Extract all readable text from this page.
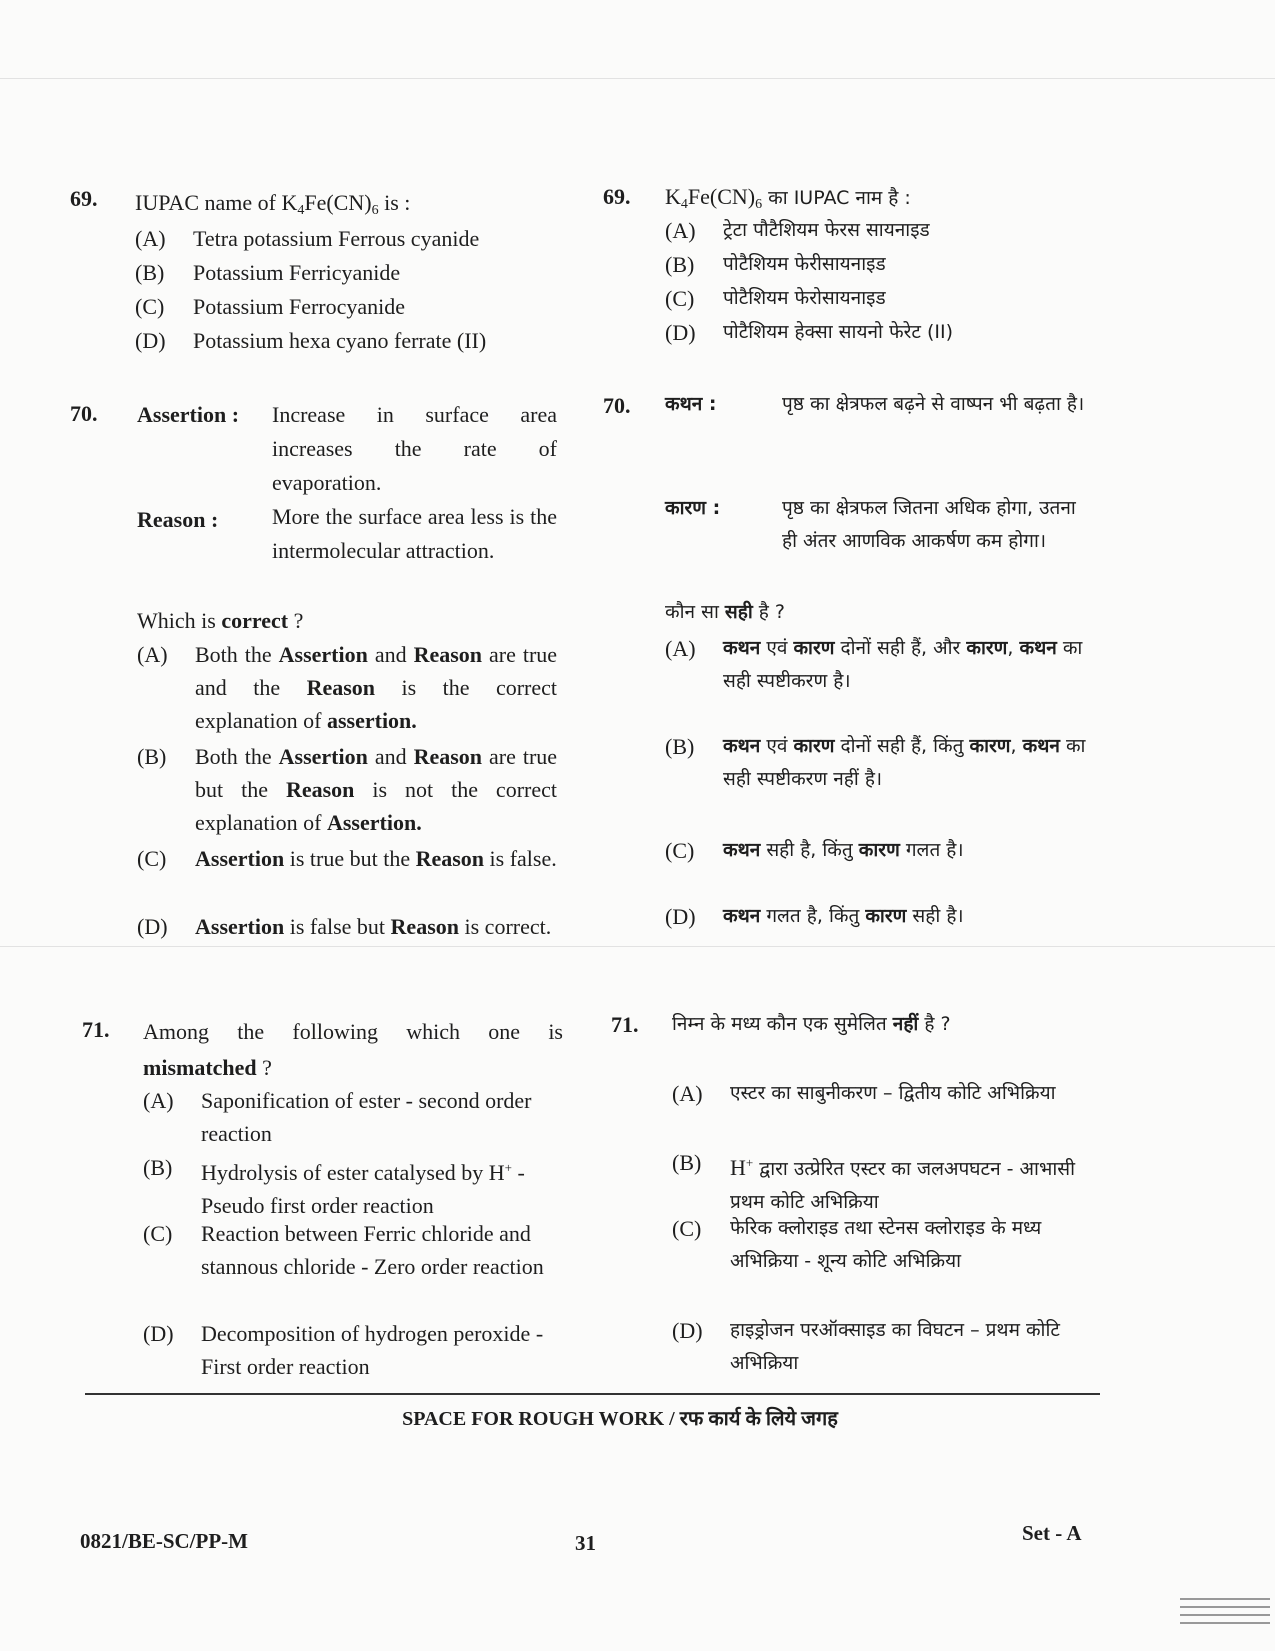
69. IUPAC name of $K_4Fe(CN)_6$ is :
(A)	Tetra potassium Ferrous cyanide
(B)	Potassium Ferricyanide
(C)	Potassium Ferrocyanide
(D)	Potassium hexa cyano ferrate (II)
69. $K_4Fe(CN)_6$ का IUPAC नाम है :
(A)	ट्रेटा पौटैशियम फेरस सायनाइड
(B)	पोटैशियम फेरीसायनाइड
(C)	पोटैशियम फेरोसायनाइड
(D)	पोटैशियम हेक्सा सायनो फेरेट (II)
70. Assertion : Increase in surface area increases the rate of evaporation.
Reason : More the surface area less is the intermolecular attraction.
Which is correct ?
(A)	Both the Assertion and Reason are true and the Reason is the correct explanation of assertion.
(B)	Both the Assertion and Reason are true but the Reason is not the correct explanation of Assertion.
(C)	Assertion is true but the Reason is false.
(D)	Assertion is false but Reason is correct.
70. कथन :	पृष्ठ का क्षेत्रफल बढ़ने से वाष्पन भी बढ़ता है।
कारण :	पृष्ठ का क्षेत्रफल जितना अधिक होगा, उतना ही अंतर आणविक आकर्षण कम होगा।
कौन सा सही है ?
(A)	कथन एवं कारण दोनों सही हैं, और कारण, कथन का सही स्पष्टीकरण है।
(B)	कथन एवं कारण दोनों सही हैं, किंतु कारण, कथन का सही स्पष्टीकरण नहीं है।
(C)	कथन सही है, किंतु कारण गलत है।
(D)	कथन गलत है, किंतु कारण सही है।
71. Among the following which one is mismatched ?
(A)	Saponification of ester - second order reaction
(B)	Hydrolysis of ester catalysed by H+ - Pseudo first order reaction
(C)	Reaction between Ferric chloride and stannous chloride - Zero order reaction
(D)	Decomposition of hydrogen peroxide - First order reaction
71. निम्न के मध्य कौन एक सुमेलित नहीं है ?
(A)	एस्टर का साबुनीकरण – द्वितीय कोटि अभिक्रिया
(B)	H+ द्वारा उत्प्रेरित एस्टर का जलअपघटन - आभासी प्रथम कोटि अभिक्रिया
(C)	फेरिक क्लोराइड तथा स्टेनस क्लोराइड के मध्य अभिक्रिया - शून्य कोटि अभिक्रिया
(D)	हाइड्रोजन परऑक्साइड का विघटन – प्रथम कोटि अभिक्रिया
SPACE FOR ROUGH WORK / रफ कार्य के लिये जगह
0821/BE-SC/PP-M	31	Set - A
